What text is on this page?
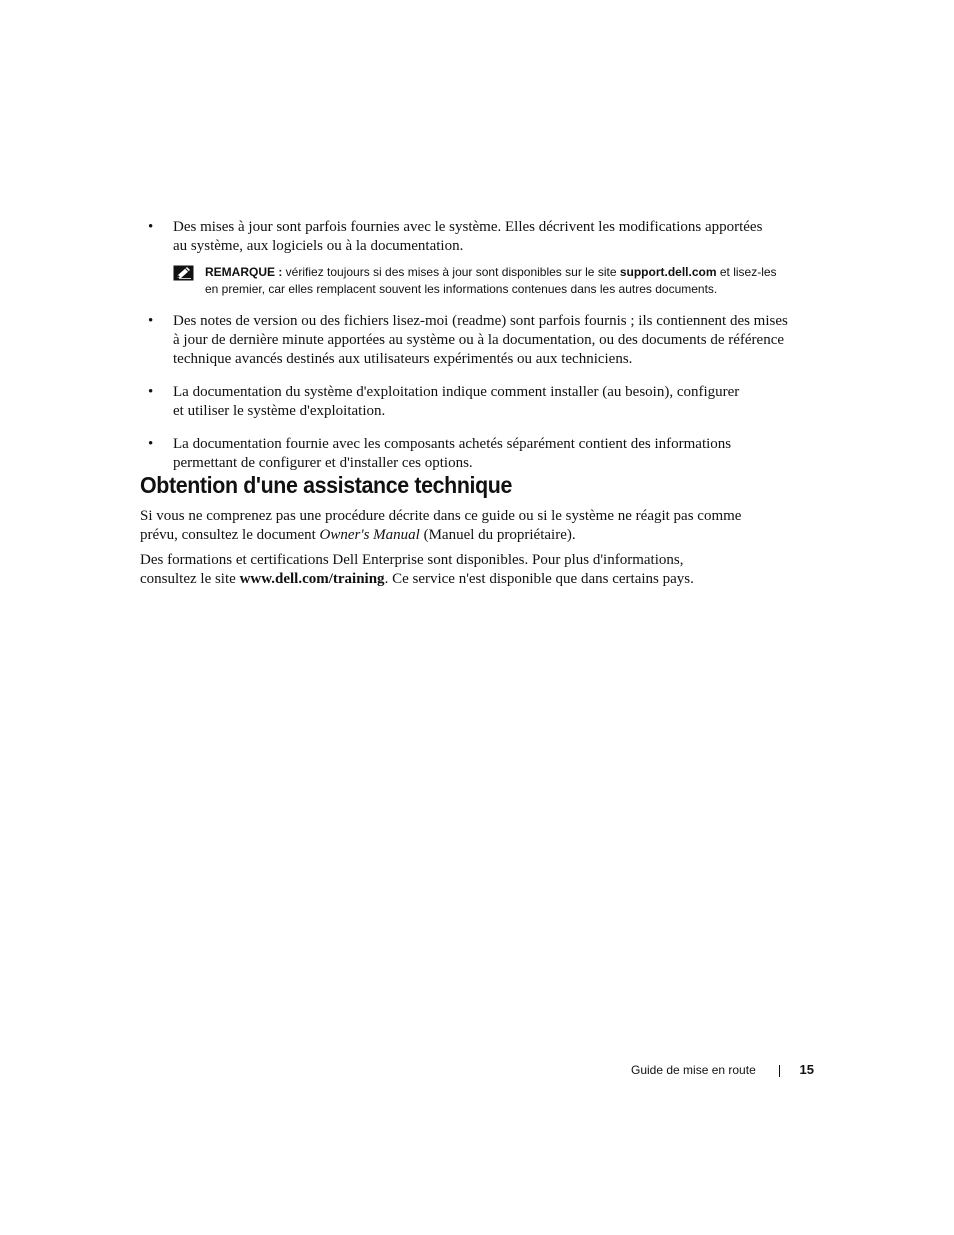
• Des mises à jour sont parfois fournies avec le système. Elles décrivent les modifications apportées
au système, aux logiciels ou à la documentation.
REMARQUE : vérifiez toujours si des mises à jour sont disponibles sur le site support.dell.com et lisez-les
en premier, car elles remplacent souvent les informations contenues dans les autres documents.
• Des notes de version ou des fichiers lisez-moi (readme) sont parfois fournis ; ils contiennent des mises
à jour de dernière minute apportées au système ou à la documentation, ou des documents de référence
technique avancés destinés aux utilisateurs expérimentés ou aux techniciens.
• La documentation du système d'exploitation indique comment installer (au besoin), configurer
et utiliser le système d'exploitation.
• La documentation fournie avec les composants achetés séparément contient des informations
permettant de configurer et d'installer ces options.
Obtention d'une assistance technique

Si vous ne comprenez pas une procédure décrite dans ce guide ou si le système ne réagit pas comme
prévu, consultez le document Owner's Manual (Manuel du propriétaire).

Des formations et certifications Dell Enterprise sont disponibles. Pour plus d'informations,
consultez le site www.dell.com/training. Ce service n'est disponible que dans certains pays.

Guide de mise en route	15
